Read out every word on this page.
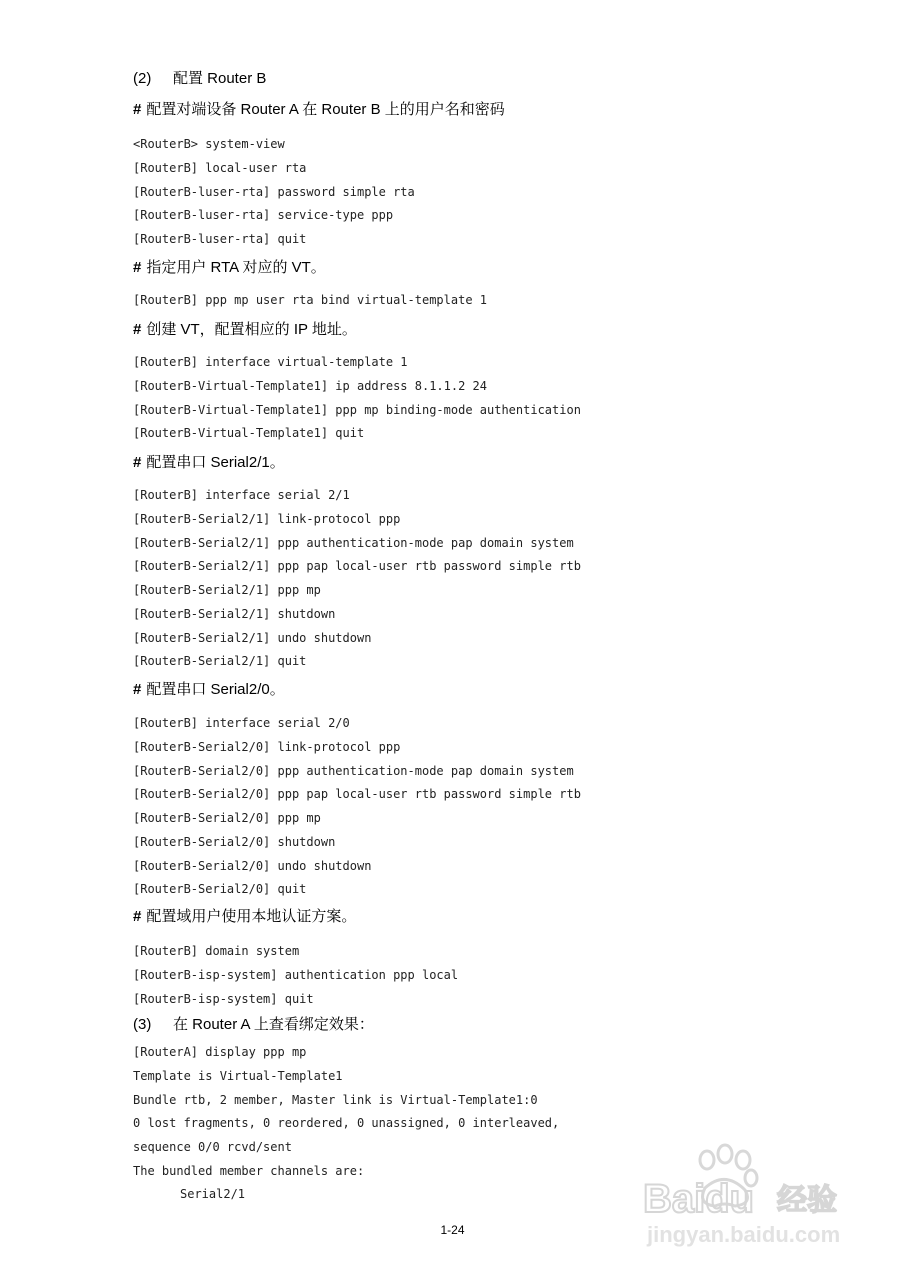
(2) 配置 Router B
# 配置对端设备 Router A 在 Router B 上的用户名和密码
<RouterB> system-view
[RouterB] local-user rta
[RouterB-luser-rta] password simple rta
[RouterB-luser-rta] service-type ppp
[RouterB-luser-rta] quit
# 指定用户 RTA 对应的 VT。
[RouterB] ppp mp user rta bind virtual-template 1
# 创建 VT，配置相应的 IP 地址。
[RouterB] interface virtual-template 1
[RouterB-Virtual-Template1] ip address 8.1.1.2 24
[RouterB-Virtual-Template1] ppp mp binding-mode authentication
[RouterB-Virtual-Template1] quit
# 配置串口 Serial2/1。
[RouterB] interface serial 2/1
[RouterB-Serial2/1] link-protocol ppp
[RouterB-Serial2/1] ppp authentication-mode pap domain system
[RouterB-Serial2/1] ppp pap local-user rtb password simple rtb
[RouterB-Serial2/1] ppp mp
[RouterB-Serial2/1] shutdown
[RouterB-Serial2/1] undo shutdown
[RouterB-Serial2/1] quit
# 配置串口 Serial2/0。
[RouterB] interface serial 2/0
[RouterB-Serial2/0] link-protocol ppp
[RouterB-Serial2/0] ppp authentication-mode pap domain system
[RouterB-Serial2/0] ppp pap local-user rtb password simple rtb
[RouterB-Serial2/0] ppp mp
[RouterB-Serial2/0] shutdown
[RouterB-Serial2/0] undo shutdown
[RouterB-Serial2/0] quit
# 配置域用户使用本地认证方案。
[RouterB] domain system
[RouterB-isp-system] authentication ppp local
[RouterB-isp-system] quit
(3) 在 Router A 上查看绑定效果：
[RouterA] display ppp mp
Template is Virtual-Template1
Bundle rtb, 2 member, Master link is Virtual-Template1:0
0 lost fragments, 0 reordered, 0 unassigned, 0 interleaved,
sequence 0/0 rcvd/sent
The bundled member channels are:
Serial2/1
1-24
Baidu 经验
jingyan.baidu.com
